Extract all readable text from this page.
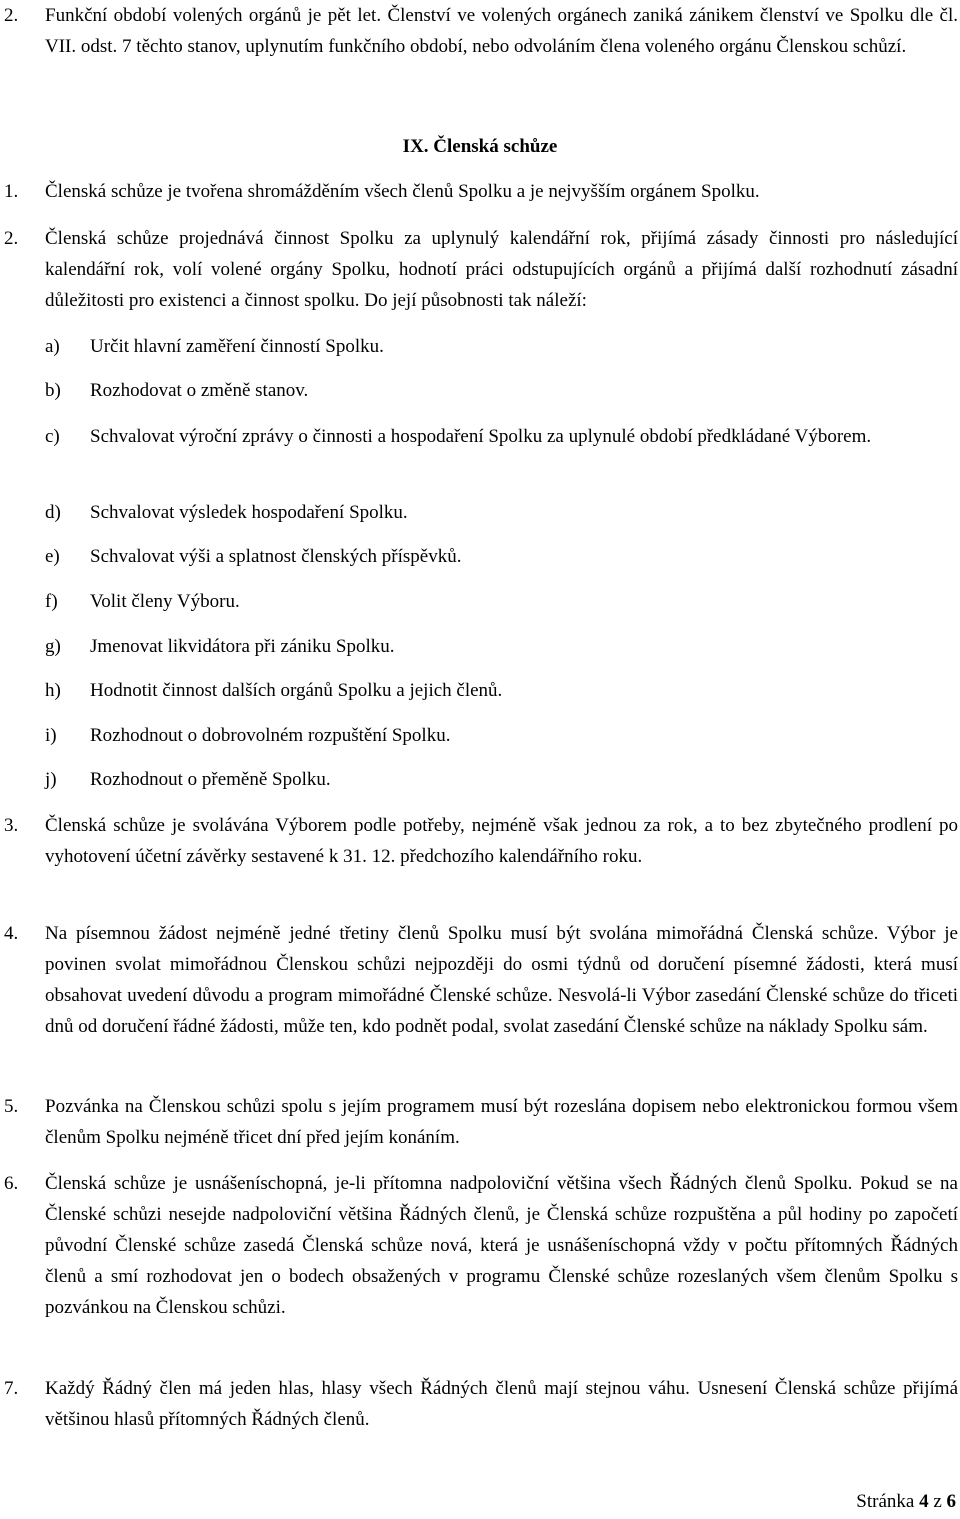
2. Funkční období volených orgánů je pět let. Členství ve volených orgánech zaniká zánikem členství ve Spolku dle čl. VII. odst. 7 těchto stanov, uplynutím funkčního období, nebo odvoláním člena voleného orgánu Členskou schůzí.
IX. Členská schůze
1. Členská schůze je tvořena shromážděním všech členů Spolku a je nejvyšším orgánem Spolku.
2. Členská schůze projednává činnost Spolku za uplynulý kalendářní rok, přijímá zásady činnosti pro následující kalendářní rok, volí volené orgány Spolku, hodnotí práci odstupujících orgánů a přijímá další rozhodnutí zásadní důležitosti pro existenci a činnost spolku. Do její působnosti tak náleží:
a) Určit hlavní zaměření činností Spolku.
b) Rozhodovat o změně stanov.
c) Schvalovat výroční zprávy o činnosti a hospodaření Spolku za uplynulé období předkládané Výborem.
d) Schvalovat výsledek hospodaření Spolku.
e) Schvalovat výši a splatnost členských příspěvků.
f) Volit členy Výboru.
g) Jmenovat likvidátora při zániku Spolku.
h) Hodnotit činnost dalších orgánů Spolku a jejich členů.
i) Rozhodnout o dobrovolném rozpuštění Spolku.
j) Rozhodnout o přeměně Spolku.
3. Členská schůze je svolávána Výborem podle potřeby, nejméně však jednou za rok, a to bez zbytečného prodlení po vyhotovení účetní závěrky sestavené k 31. 12. předchozího kalendářního roku.
4. Na písemnou žádost nejméně jedné třetiny členů Spolku musí být svolána mimořádná Členská schůze. Výbor je povinen svolat mimořádnou Členskou schůzi nejpozději do osmi týdnů od doručení písemné žádosti, která musí obsahovat uvedení důvodu a program mimořádné Členské schůze. Nesvolá-li Výbor zasedání Členské schůze do třiceti dnů od doručení řádné žádosti, může ten, kdo podnět podal, svolat zasedání Členské schůze na náklady Spolku sám.
5. Pozvánka na Členskou schůzi spolu s jejím programem musí být rozeslána dopisem nebo elektronickou formou všem členům Spolku nejméně třicet dní před jejím konáním.
6. Členská schůze je usnášeníschopná, je-li přítomna nadpoloviční většina všech Řádných členů Spolku. Pokud se na Členské schůzi nesejde nadpoloviční většina Řádných členů, je Členská schůze rozpuštěna a půl hodiny po započetí původní Členské schůze zasedá Členská schůze nová, která je usnášeníschopná vždy v počtu přítomných Řádných členů a smí rozhodovat jen o bodech obsažených v programu Členské schůze rozeslaných všem členům Spolku s pozvánkou na Členskou schůzi.
7. Každý Řádný člen má jeden hlas, hlasy všech Řádných členů mají stejnou váhu. Usnesení Členská schůze přijímá většinou hlasů přítomných Řádných členů.
Stránka 4 z 6
